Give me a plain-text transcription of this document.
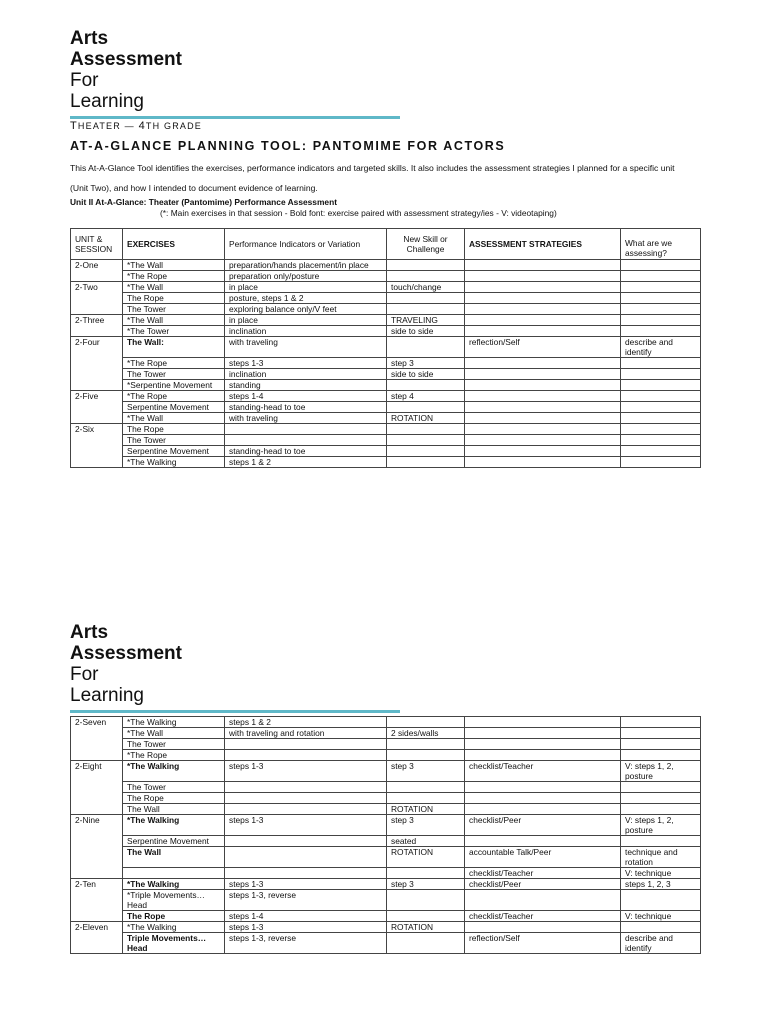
Arts
Assessment
For
Learning
THEATER — 4TH GRADE
AT-A-GLANCE PLANNING TOOL: PANTOMIME FOR ACTORS
This At-A-Glance Tool identifies the exercises, performance indicators and targeted skills. It also includes the assessment strategies I planned for a specific unit (Unit Two), and how I intended to document evidence of learning.
Unit II At-A-Glance: Theater (Pantomime) Performance Assessment
(*: Main exercises in that session - Bold font: exercise paired with assessment strategy/ies - V: videotaping)
UNIT & SESSION	EXERCISES	Performance Indicators or Variation	New Skill or Challenge	ASSESSMENT STRATEGIES	What are we assessing?
2-One	*The Wall	preparation/hands placement/in place			
	*The Rope	preparation only/posture			
2-Two	*The Wall	in place	touch/change		
	The Rope	posture, steps 1 & 2			
	The Tower	exploring balance only/V feet			
2-Three	*The Wall	in place	TRAVELING		
	*The Tower	inclination	side to side		
2-Four	The Wall:	with traveling		reflection/Self	describe and identify
	*The Rope	steps 1-3	step 3		
	The Tower	inclination	side to side		
	*Serpentine Movement	standing			
2-Five	*The Rope	steps 1-4	step 4		
	Serpentine Movement	standing-head to toe			
	*The Wall	with traveling	ROTATION		
2-Six	The Rope				
	The Tower				
	Serpentine Movement	standing-head to toe			
	*The Walking	steps 1 & 2			
Arts
Assessment
For
Learning
2-Seven	*The Walking	steps 1 & 2			
	*The Wall	with traveling and rotation	2 sides/walls		
	The Tower				
	*The Rope				
2-Eight	*The Walking	steps 1-3	step 3	checklist/Teacher	V: steps 1, 2, posture
	The Tower				
	The Rope				
	The Wall		ROTATION		
2-Nine	*The Walking	steps 1-3	step 3	checklist/Peer	V: steps 1, 2, posture
	Serpentine Movement		seated		
	The Wall		ROTATION	accountable Talk/Peer	technique and rotation
				checklist/Teacher	V: technique
2-Ten	*The Walking	steps 1-3	step 3	checklist/Peer	steps 1, 2, 3
	*Triple Movements…Head	steps 1-3, reverse			
	The Rope	steps 1-4		checklist/Teacher	V: technique
2-Eleven	*The Walking	steps 1-3	ROTATION		
	Triple Movements…Head	steps 1-3, reverse		reflection/Self	describe and identify
